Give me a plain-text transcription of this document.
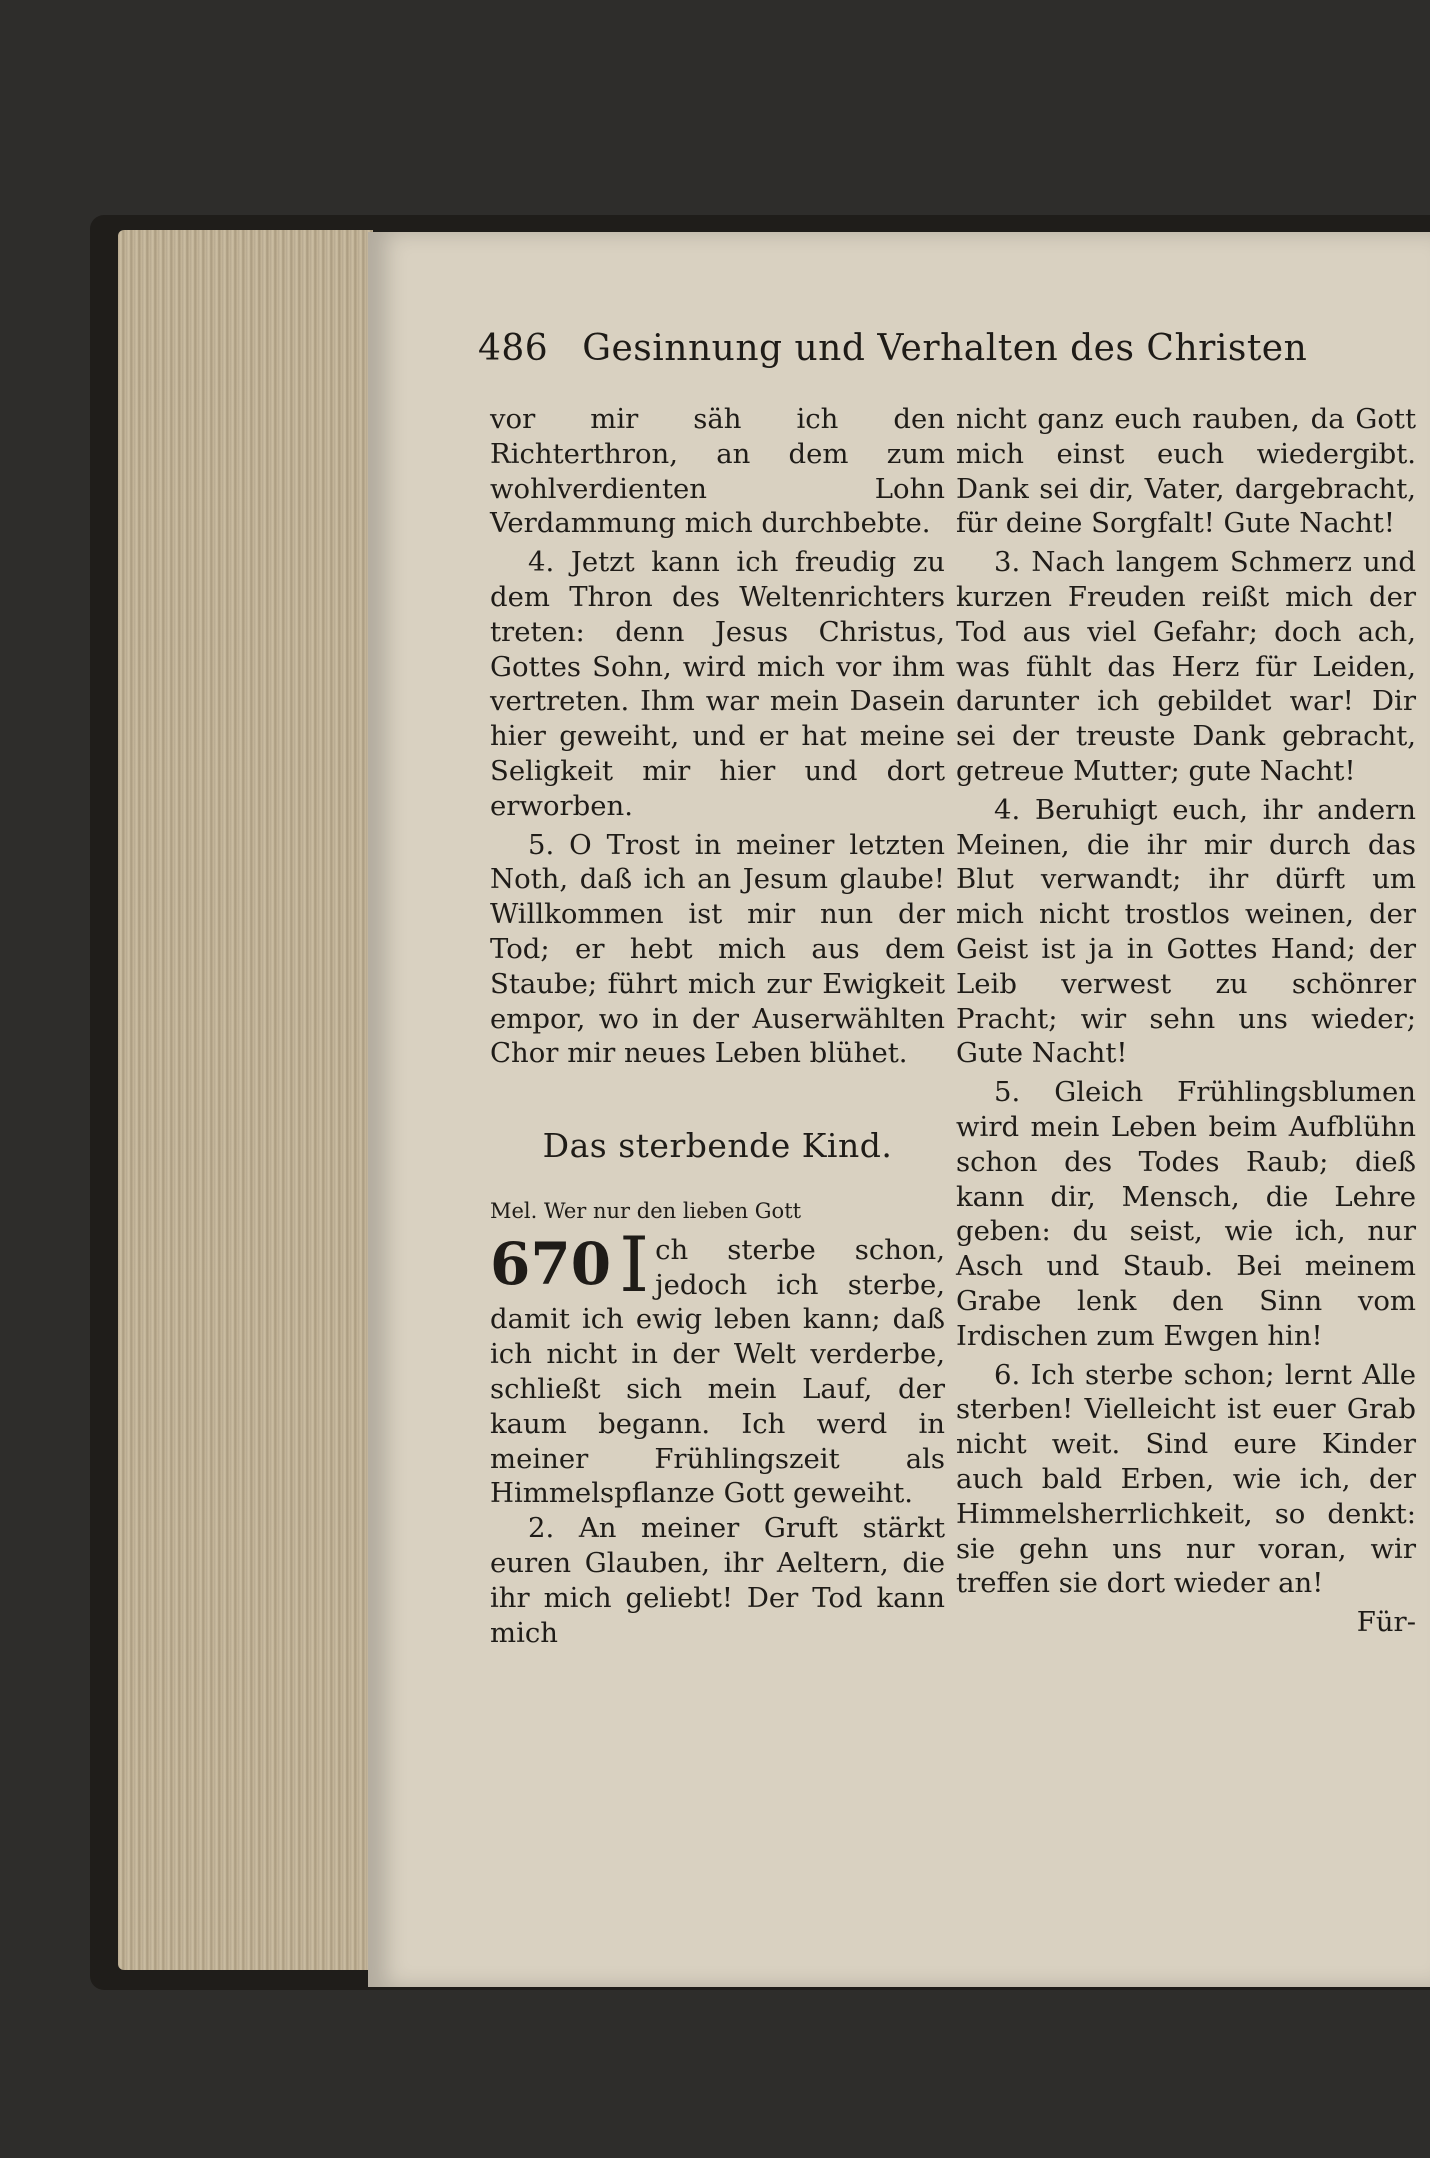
486 Gesinnung und Verhalten des Christen

vor mir säh ich den Richterthron, an dem zum wohlverdienten Lohn Verdammung mich durchbebte.

4. Jetzt kann ich freudig zu dem Thron des Weltenrichters treten: denn Jesus Christus, Gottes Sohn, wird mich vor ihm vertreten. Ihm war mein Dasein hier geweiht, und er hat meine Seligkeit mir hier und dort erworben.

5. O Trost in meiner letzten Noth, daß ich an Jesum glaube! Willkommen ist mir nun der Tod; er hebt mich aus dem Staube; führt mich zur Ewigkeit empor, wo in der Auserwählten Chor mir neues Leben blühet.

Das sterbende Kind.

Mel. Wer nur den lieben Gott

670 I ch sterbe schon, jedoch ich sterbe, damit ich ewig leben kann; daß ich nicht in der Welt verderbe, schließt sich mein Lauf, der kaum begann. Ich werd in meiner Frühlingszeit als Himmelspflanze Gott geweiht.

2. An meiner Gruft stärkt euren Glauben, ihr Aeltern, die ihr mich geliebt! Der Tod kann mich

nicht ganz euch rauben, da Gott mich einst euch wiedergibt. Dank sei dir, Vater, dargebracht, für deine Sorgfalt! Gute Nacht!

3. Nach langem Schmerz und kurzen Freuden reißt mich der Tod aus viel Gefahr; doch ach, was fühlt das Herz für Leiden, darunter ich gebildet war! Dir sei der treuste Dank gebracht, getreue Mutter; gute Nacht!

4. Beruhigt euch, ihr andern Meinen, die ihr mir durch das Blut verwandt; ihr dürft um mich nicht trostlos weinen, der Geist ist ja in Gottes Hand; der Leib verwest zu schönrer Pracht; wir sehn uns wieder; Gute Nacht!

5. Gleich Frühlingsblumen wird mein Leben beim Aufblühn schon des Todes Raub; dieß kann dir, Mensch, die Lehre geben: du seist, wie ich, nur Asch und Staub. Bei meinem Grabe lenk den Sinn vom Irdischen zum Ewgen hin!

6. Ich sterbe schon; lernt Alle sterben! Vielleicht ist euer Grab nicht weit. Sind eure Kinder auch bald Erben, wie ich, der Himmelsherrlichkeit, so denkt: sie gehn uns nur voran, wir treffen sie dort wieder an!

Für-
